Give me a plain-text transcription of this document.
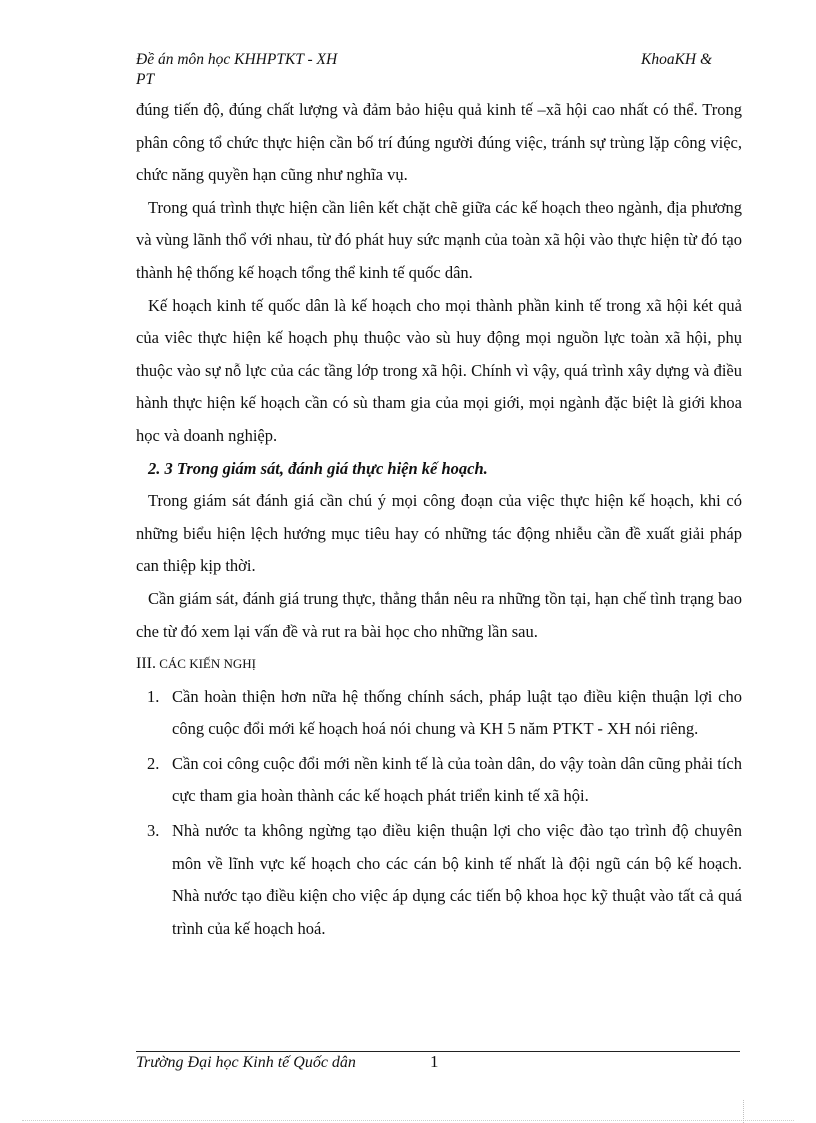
Đề án môn học KHHPTKT - XH
PT
KhoaKH &

đúng tiến độ, đúng chất lượng và đảm bảo hiệu quả kinh tế –xã hội cao nhất có thể. Trong phân công tổ chức thực hiện cần bố trí đúng người đúng việc, tránh sự trùng lặp công việc, chức năng quyền hạn cũng như nghĩa vụ.

Trong quá trình thực hiện cần liên kết chặt chẽ giữa các kế hoạch theo ngành, địa phương và vùng lãnh thổ với nhau, từ đó phát huy sức mạnh của toàn xã hội vào thực hiện từ đó tạo thành hệ thống kế hoạch tổng thể kinh tế quốc dân.

Kế hoạch kinh tế quốc dân là kế hoạch cho mọi thành phần kinh tế trong xã hội két quả của viêc thực hiện kế hoạch phụ thuộc vào sù huy động mọi nguồn lực toàn xã hội, phụ thuộc vào sự nỗ lực của các tầng lớp trong xã hội. Chính vì vậy, quá trình xây dựng và điều hành thực hiện kế hoạch cần có sù tham gia của mọi giới, mọi ngành đặc biệt là giới khoa học và doanh nghiệp.

2. 3 Trong giám sát, đánh giá thực hiện kế hoạch.

Trong giám sát đánh giá cần chú ý mọi công đoạn của việc thực hiện kế hoạch, khi có những biểu hiện lệch hướng mục tiêu hay có những tác động nhiễu cần đề xuất giải pháp can thiệp kịp thời.

Cần giám sát, đánh giá trung thực, thẳng thắn nêu ra những tồn tại, hạn chế tình trạng bao che từ đó xem lại vấn đề và rut ra bài học cho những lần sau.

III. CÁC KIẾN NGHỊ
1. Cần hoàn thiện hơn nữa hệ thống chính sách, pháp luật tạo điều kiện thuận lợi cho công cuộc đổi mới kế hoạch hoá nói chung và KH 5 năm PTKT - XH nói riêng.
2. Cần coi công cuộc đổi mới nền kinh tế là của toàn dân, do vậy toàn dân cũng phải tích cực tham gia hoàn thành các kế hoạch phát triển kinh tế xã hội.
3. Nhà nước ta không ngừng tạo điều kiện thuận lợi cho việc đào tạo trình độ chuyên môn về lĩnh vực kế hoạch cho các cán bộ kinh tế nhất là đội ngũ cán bộ kế hoạch. Nhà nước tạo điều kiện cho việc áp dụng các tiến bộ khoa học kỹ thuật vào tất cả quá trình của kế hoạch hoá.
Trường Đại học Kinh tế Quốc dân	1
